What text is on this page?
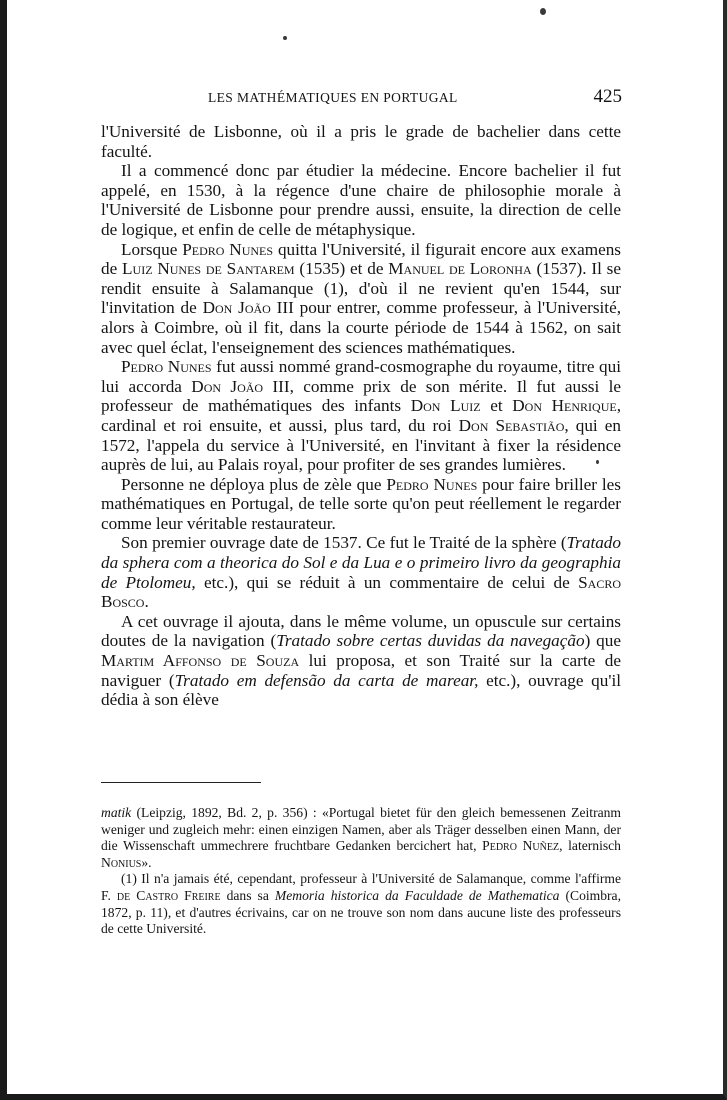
LES MATHÉMATIQUES EN PORTUGAL	425

l'Université de Lisbonne, où il a pris le grade de bachelier dans cette faculté.

Il a commencé donc par étudier la médecine. Encore bachelier il fut appelé, en 1530, à la régence d'une chaire de philosophie morale à l'Université de Lisbonne pour prendre aussi, ensuite, la direction de celle de logique, et enfin de celle de métaphysique.

Lorsque Pedro Nunes quitta l'Université, il figurait encore aux examens de Luiz Nunes de Santarem (1535) et de Manuel de Loronha (1537). Il se rendit ensuite à Salamanque (1), d'où il ne revient qu'en 1544, sur l'invitation de Don João III pour entrer, comme professeur, à l'Université, alors à Coimbre, où il fit, dans la courte période de 1544 à 1562, on sait avec quel éclat, l'enseignement des sciences mathématiques.

Pedro Nunes fut aussi nommé grand-cosmographe du royaume, titre qui lui accorda Don João III, comme prix de son mérite. Il fut aussi le professeur de mathématiques des infants Don Luiz et Don Henrique, cardinal et roi ensuite, et aussi, plus tard, du roi Don Sebastião, qui en 1572, l'appela du service à l'Université, en l'invitant à fixer la résidence auprès de lui, au Palais royal, pour profiter de ses grandes lumières.

Personne ne déploya plus de zèle que Pedro Nunes pour faire briller les mathématiques en Portugal, de telle sorte qu'on peut réellement le regarder comme leur véritable restaurateur.

Son premier ouvrage date de 1537. Ce fut le Traité de la sphère (Tratado da sphera com a theorica do Sol e da Lua e o primeiro livro da geographia de Ptolomeu, etc.), qui se réduit à un commentaire de celui de Sacro Bosco.

A cet ouvrage il ajouta, dans le même volume, un opuscule sur certains doutes de la navigation (Tratado sobre certas duvidas da navegação) que Martim Affonso de Souza lui proposa, et son Traité sur la carte de naviguer (Tratado em defensão da carta de marear, etc.), ouvrage qu'il dédia à son élève

matik (Leipzig, 1892, Bd. 2, p. 356) : «Portugal bietet für den gleich bemessenen Zeitranm weniger und zugleich mehr: einen einzigen Namen, aber als Träger desselben einen Mann, der die Wissenschaft ummechrere fruchtbare Gedanken bercichert hat, Pedro Nuñez, laternisch Nonius».

(1) Il n'a jamais été, cependant, professeur à l'Université de Salamanque, comme l'affirme F. de Castro Freire dans sa Memoria historica da Faculdade de Mathematica (Coimbra, 1872, p. 11), et d'autres écrivains, car on ne trouve son nom dans aucune liste des professeurs de cette Université.
